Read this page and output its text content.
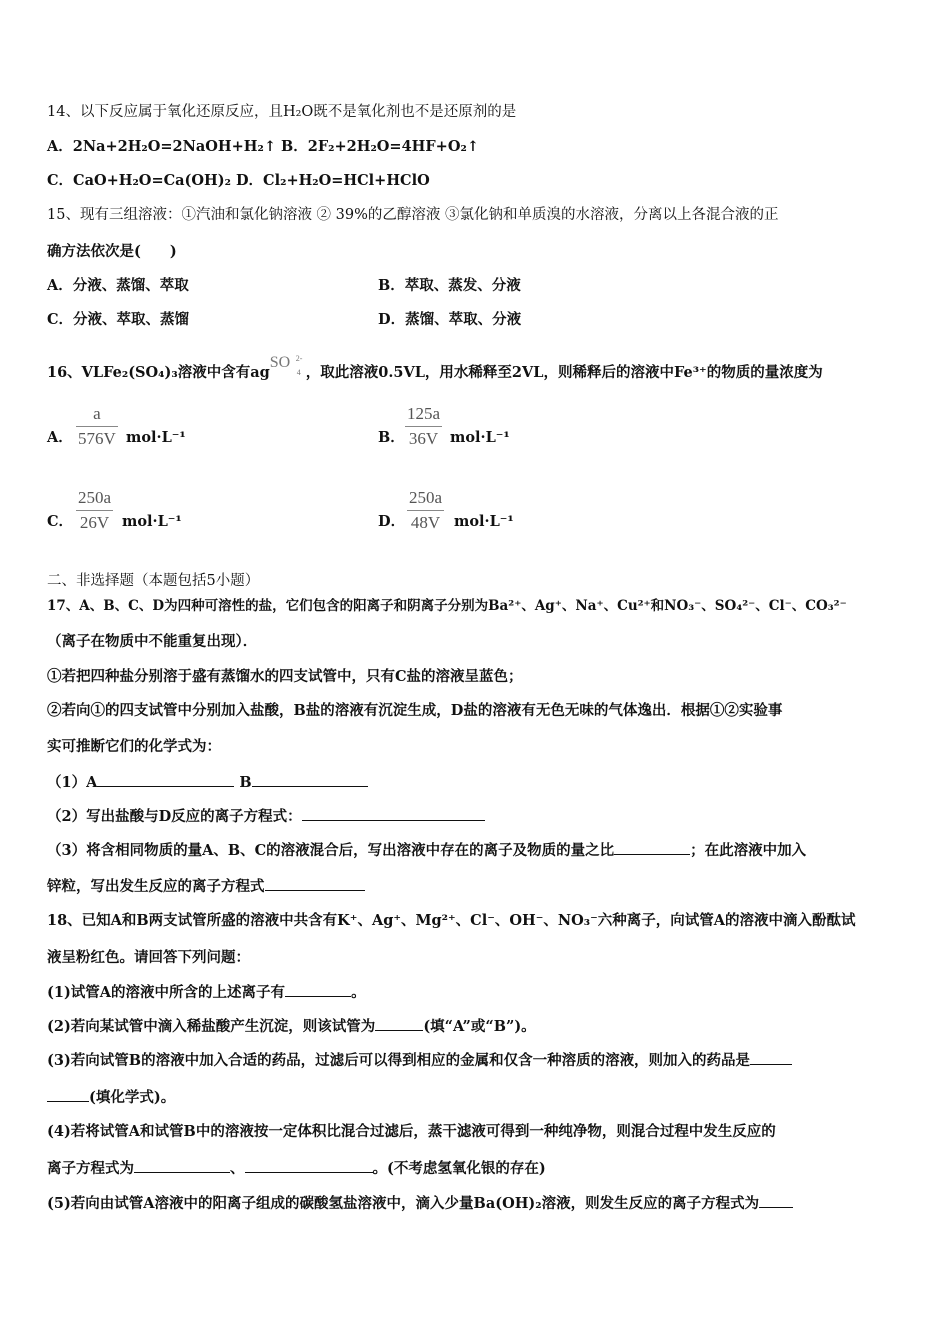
14、以下反应属于氧化还原反应，且H₂O既不是氧化剂也不是还原剂的是
A．2Na+2H₂O=2NaOH+H₂↑ B．2F₂+2H₂O=4HF+O₂↑
C．CaO+H₂O=Ca(OH)₂ D．Cl₂+H₂O=HCl+HClO
15、现有三组溶液：①汽油和氯化钠溶液 ② 39%的乙醇溶液 ③氯化钠和单质溴的水溶液，分离以上各混合液的正
确方法依次是(　　)
A．分液、蒸馏、萃取	B．萃取、蒸发、分液
C．分液、萃取、蒸馏	D．蒸馏、萃取、分液
16、VLFe₂(SO₄)₃溶液中含有ag
SO 2-
4 ，取此溶液0.5VL，用水稀释至2VL，则稀释后的溶液中Fe³⁺的物质的量浓度为
A．
a
576V mol·L⁻¹	B．
125a
36V mol·L⁻¹
C．
250a
26V mol·L⁻¹	D．
250a
48V mol·L⁻¹
二、非选择题（本题包括5小题）
17、A、B、C、D为四种可溶性的盐，它们包含的阳离子和阴离子分别为Ba²⁺、Ag⁺、Na⁺、Cu²⁺和NO₃⁻、SO₄²⁻、Cl⁻、CO₃²⁻
（离子在物质中不能重复出现）．
①若把四种盐分别溶于盛有蒸馏水的四支试管中，只有C盐的溶液呈蓝色；
②若向①的四支试管中分别加入盐酸，B盐的溶液有沉淀生成，D盐的溶液有无色无味的气体逸出．根据①②实验事
实可推断它们的化学式为：
（1）A	B
（2）写出盐酸与D反应的离子方程式：
（3）将含相同物质的量A、B、C的溶液混合后，写出溶液中存在的离子及物质的量之比	；在此溶液中加入
锌粒，写出发生反应的离子方程式
18、已知A和B两支试管所盛的溶液中共含有K⁺、Ag⁺、Mg²⁺、Cl⁻、OH⁻、NO₃⁻六种离子，向试管A的溶液中滴入酚酞试
液呈粉红色。请回答下列问题：
(1)试管A的溶液中所含的上述离子有	。
(2)若向某试管中滴入稀盐酸产生沉淀，则该试管为	(填“A”或“B”)。
(3)若向试管B的溶液中加入合适的药品，过滤后可以得到相应的金属和仅含一种溶质的溶液，则加入的药品是
(填化学式)。
(4)若将试管A和试管B中的溶液按一定体积比混合过滤后，蒸干滤液可得到一种纯净物，则混合过程中发生反应的
离子方程式为	、	。(不考虑氢氧化银的存在)
(5)若向由试管A溶液中的阳离子组成的碳酸氢盐溶液中，滴入少量Ba(OH)₂溶液，则发生反应的离子方程式为
